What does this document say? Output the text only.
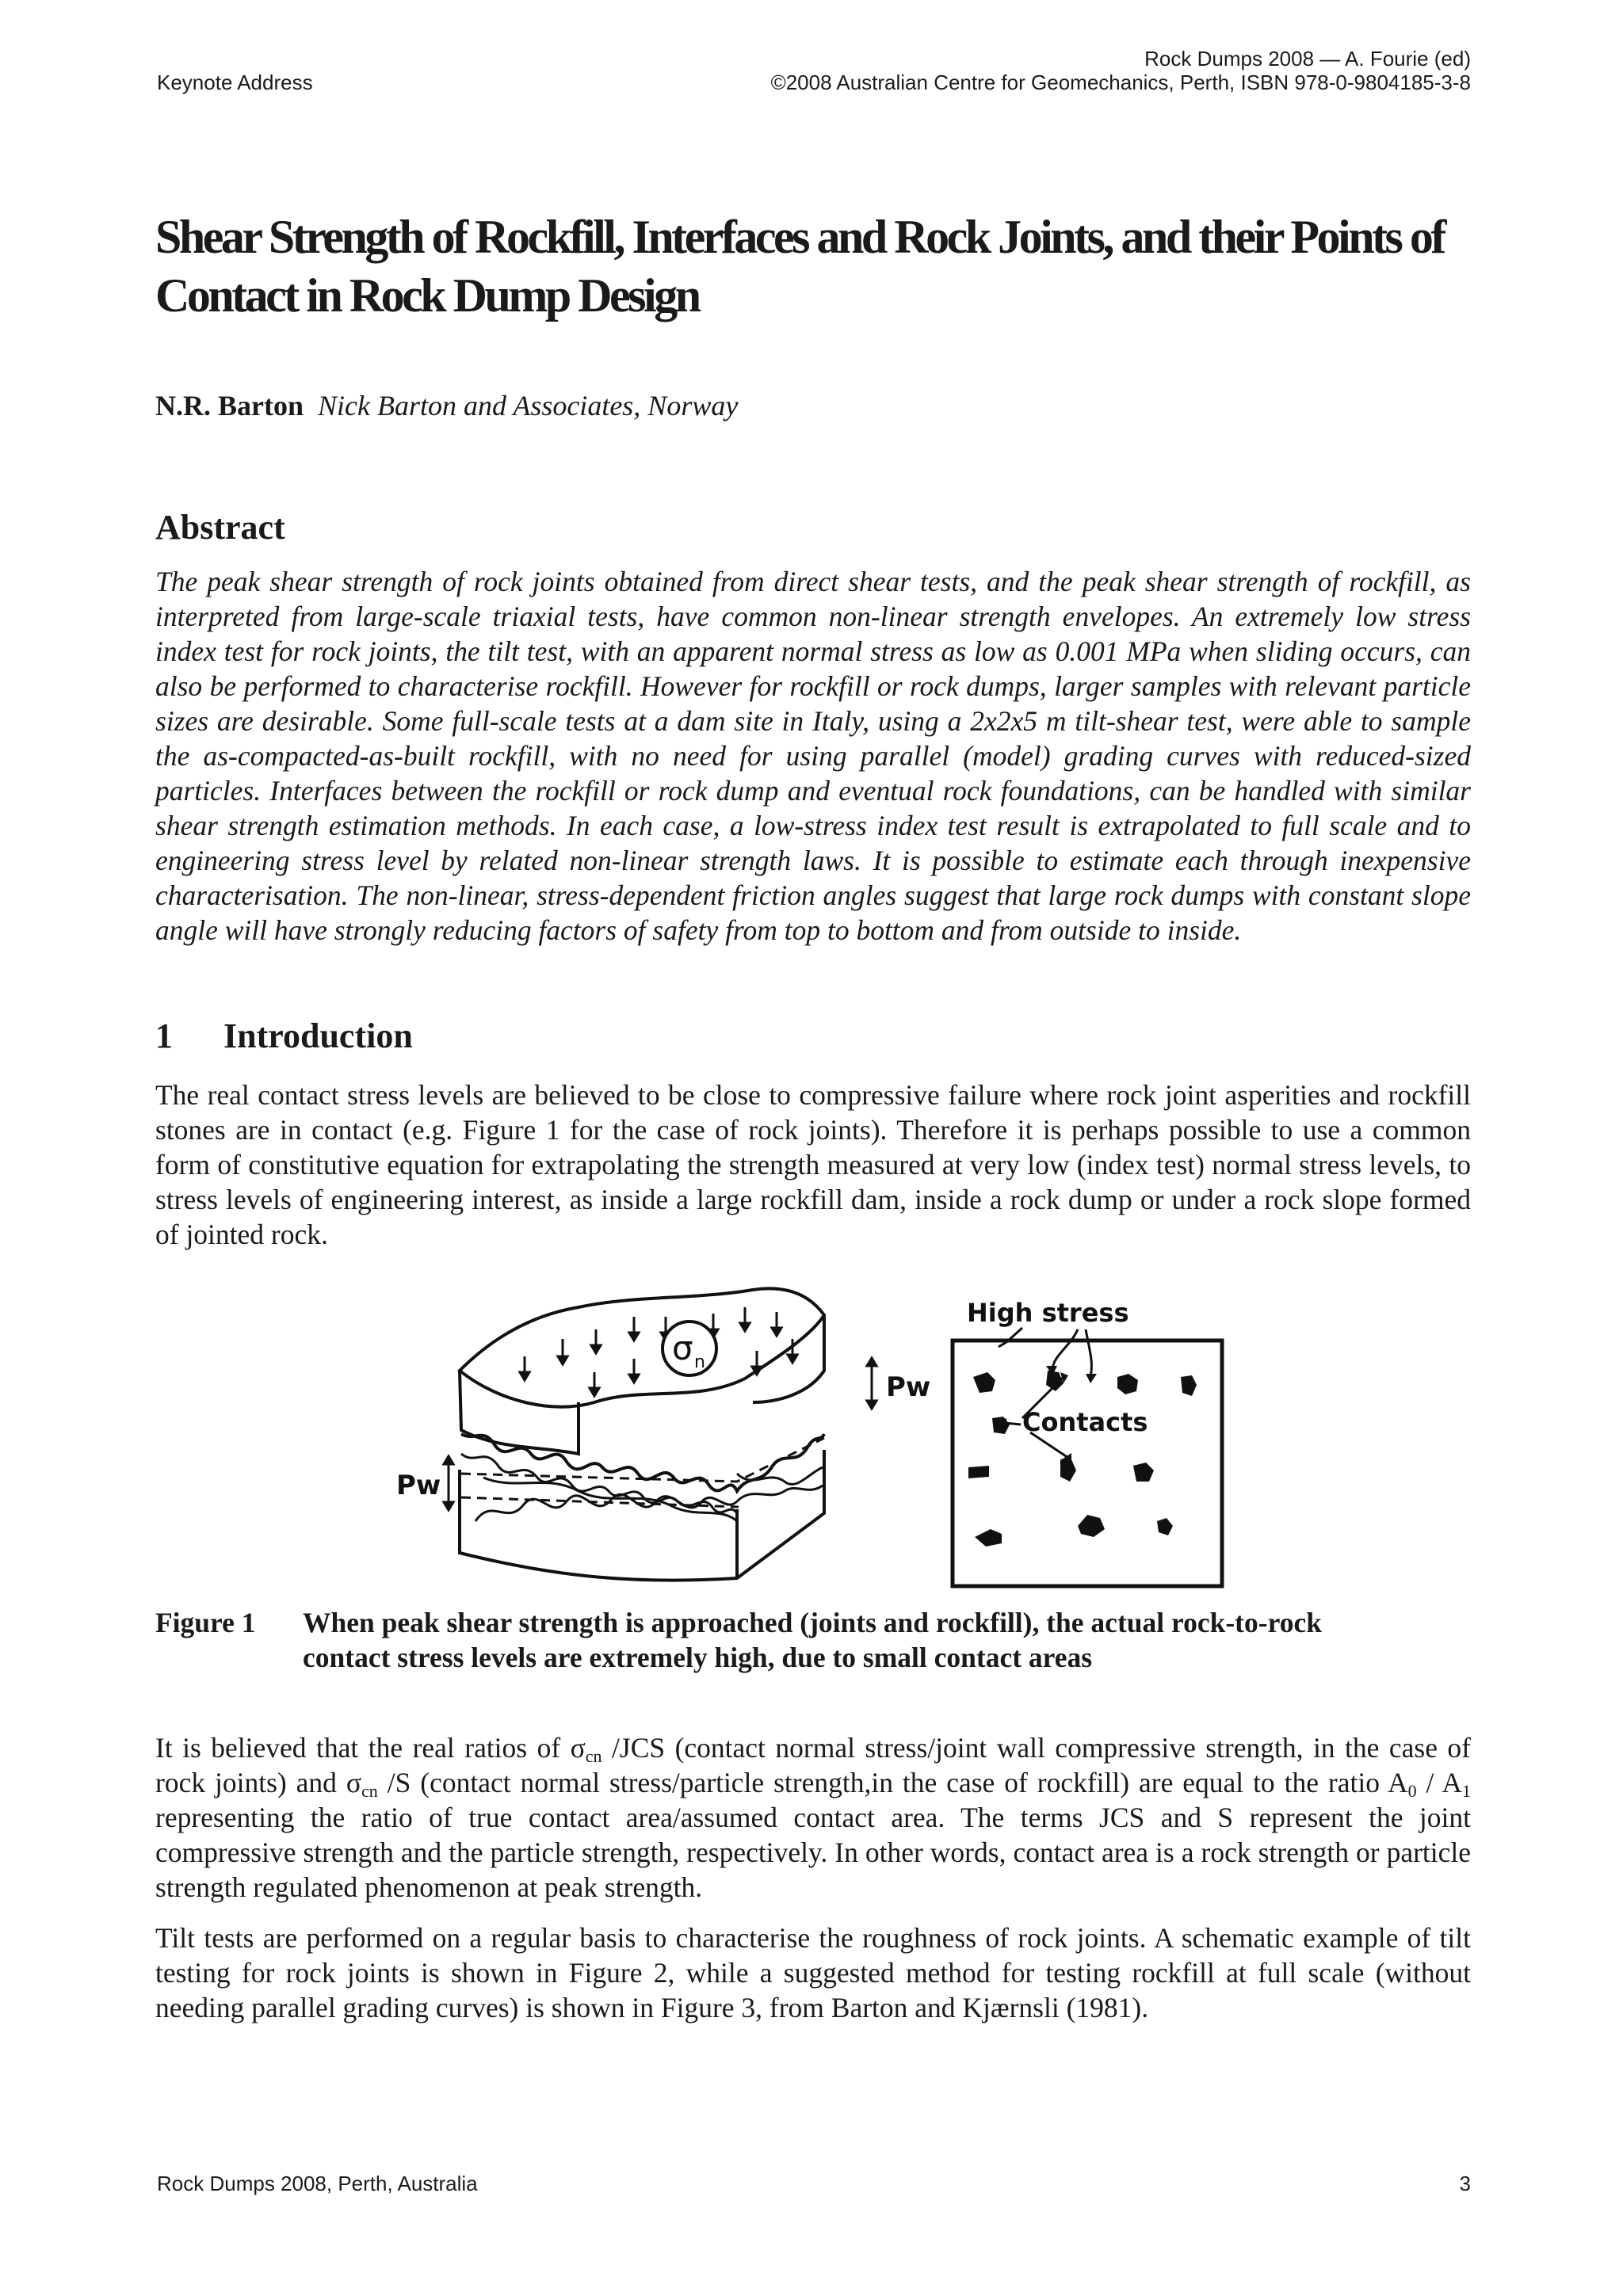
Keynote Address
Rock Dumps 2008 — A. Fourie (ed)
©2008 Australian Centre for Geomechanics, Perth, ISBN 978-0-9804185-3-8
Shear Strength of Rockfill, Interfaces and Rock Joints, and their Points of Contact in Rock Dump Design
N.R. Barton Nick Barton and Associates, Norway
Abstract
The peak shear strength of rock joints obtained from direct shear tests, and the peak shear strength of rockfill, as interpreted from large-scale triaxial tests, have common non-linear strength envelopes. An extremely low stress index test for rock joints, the tilt test, with an apparent normal stress as low as 0.001 MPa when sliding occurs, can also be performed to characterise rockfill. However for rockfill or rock dumps, larger samples with relevant particle sizes are desirable. Some full-scale tests at a dam site in Italy, using a 2x2x5 m tilt-shear test, were able to sample the as-compacted-as-built rockfill, with no need for using parallel (model) grading curves with reduced-sized particles. Interfaces between the rockfill or rock dump and eventual rock foundations, can be handled with similar shear strength estimation methods. In each case, a low-stress index test result is extrapolated to full scale and to engineering stress level by related non-linear strength laws. It is possible to estimate each through inexpensive characterisation. The non-linear, stress-dependent friction angles suggest that large rock dumps with constant slope angle will have strongly reducing factors of safety from top to bottom and from outside to inside.
1 Introduction
The real contact stress levels are believed to be close to compressive failure where rock joint asperities and rockfill stones are in contact (e.g. Figure 1 for the case of rock joints). Therefore it is perhaps possible to use a common form of constitutive equation for extrapolating the strength measured at very low (index test) normal stress levels, to stress levels of engineering interest, as inside a large rockfill dam, inside a rock dump or under a rock slope formed of jointed rock.
σ n
Pw
Pw
High stress
Contacts
Figure 1 When peak shear strength is approached (joints and rockfill), the actual rock-to-rock contact stress levels are extremely high, due to small contact areas

It is believed that the real ratios of $\sigma_{cn}$ /JCS (contact normal stress/joint wall compressive strength, in the case of rock joints) and $\sigma_{cn}$ /S (contact normal stress/particle strength,in the case of rockfill) are equal to the ratio $A_0 / A_1$ representing the ratio of true contact area/assumed contact area. The terms JCS and S represent the joint compressive strength and the particle strength, respectively. In other words, contact area is a rock strength or particle strength regulated phenomenon at peak strength.

Tilt tests are performed on a regular basis to characterise the roughness of rock joints. A schematic example of tilt testing for rock joints is shown in Figure 2, while a suggested method for testing rockfill at full scale (without needing parallel grading curves) is shown in Figure 3, from Barton and Kjærnsli (1981).
Rock Dumps 2008, Perth, Australia	3
